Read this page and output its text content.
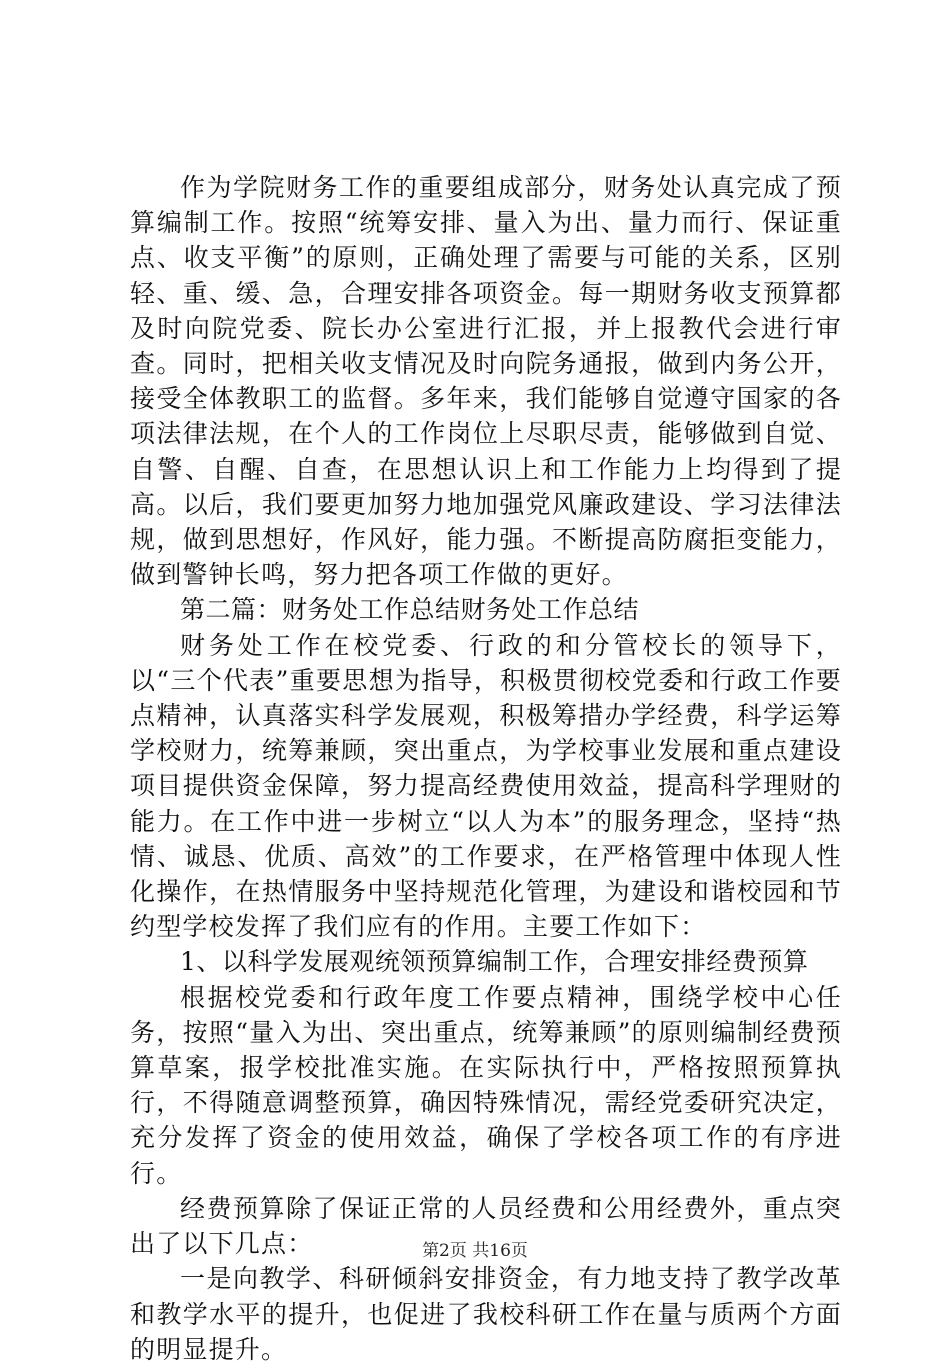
作为学院财务工作的重要组成部分，财务处认真完成了预算编制工作。按照“统筹安排、量入为出、量力而行、保证重点、收支平衡”的原则，正确处理了需要与可能的关系，区别轻、重、缓、急，合理安排各项资金。每一期财务收支预算都及时向院党委、院长办公室进行汇报，并上报教代会进行审查。同时，把相关收支情况及时向院务通报，做到内务公开，接受全体教职工的监督。多年来，我们能够自觉遵守国家的各项法律法规，在个人的工作岗位上尽职尽责，能够做到自觉、自警、自醒、自查，在思想认识上和工作能力上均得到了提高。以后，我们要更加努力地加强党风廉政建设、学习法律法规，做到思想好，作风好，能力强。不断提高防腐拒变能力，做到警钟长鸣，努力把各项工作做的更好。

第二篇：财务处工作总结财务处工作总结

财务处工作在校党委、行政的和分管校长的领导下，以“三个代表”重要思想为指导，积极贯彻校党委和行政工作要点精神，认真落实科学发展观，积极筹措办学经费，科学运筹学校财力，统筹兼顾，突出重点，为学校事业发展和重点建设项目提供资金保障，努力提高经费使用效益，提高科学理财的能力。在工作中进一步树立“以人为本”的服务理念，坚持“热情、诚恳、优质、高效”的工作要求，在严格管理中体现人性化操作，在热情服务中坚持规范化管理，为建设和谐校园和节约型学校发挥了我们应有的作用。主要工作如下：

1、以科学发展观统领预算编制工作，合理安排经费预算

根据校党委和行政年度工作要点精神，围绕学校中心任务，按照“量入为出、突出重点，统筹兼顾”的原则编制经费预算草案，报学校批准实施。在实际执行中，严格按照预算执行，不得随意调整预算，确因特殊情况，需经党委研究决定，充分发挥了资金的使用效益，确保了学校各项工作的有序进行。

经费预算除了保证正常的人员经费和公用经费外，重点突出了以下几点：

一是向教学、科研倾斜安排资金，有力地支持了教学改革和教学水平的提升，也促进了我校科研工作在量与质两个方面的明显提升。

第2页 共16页
